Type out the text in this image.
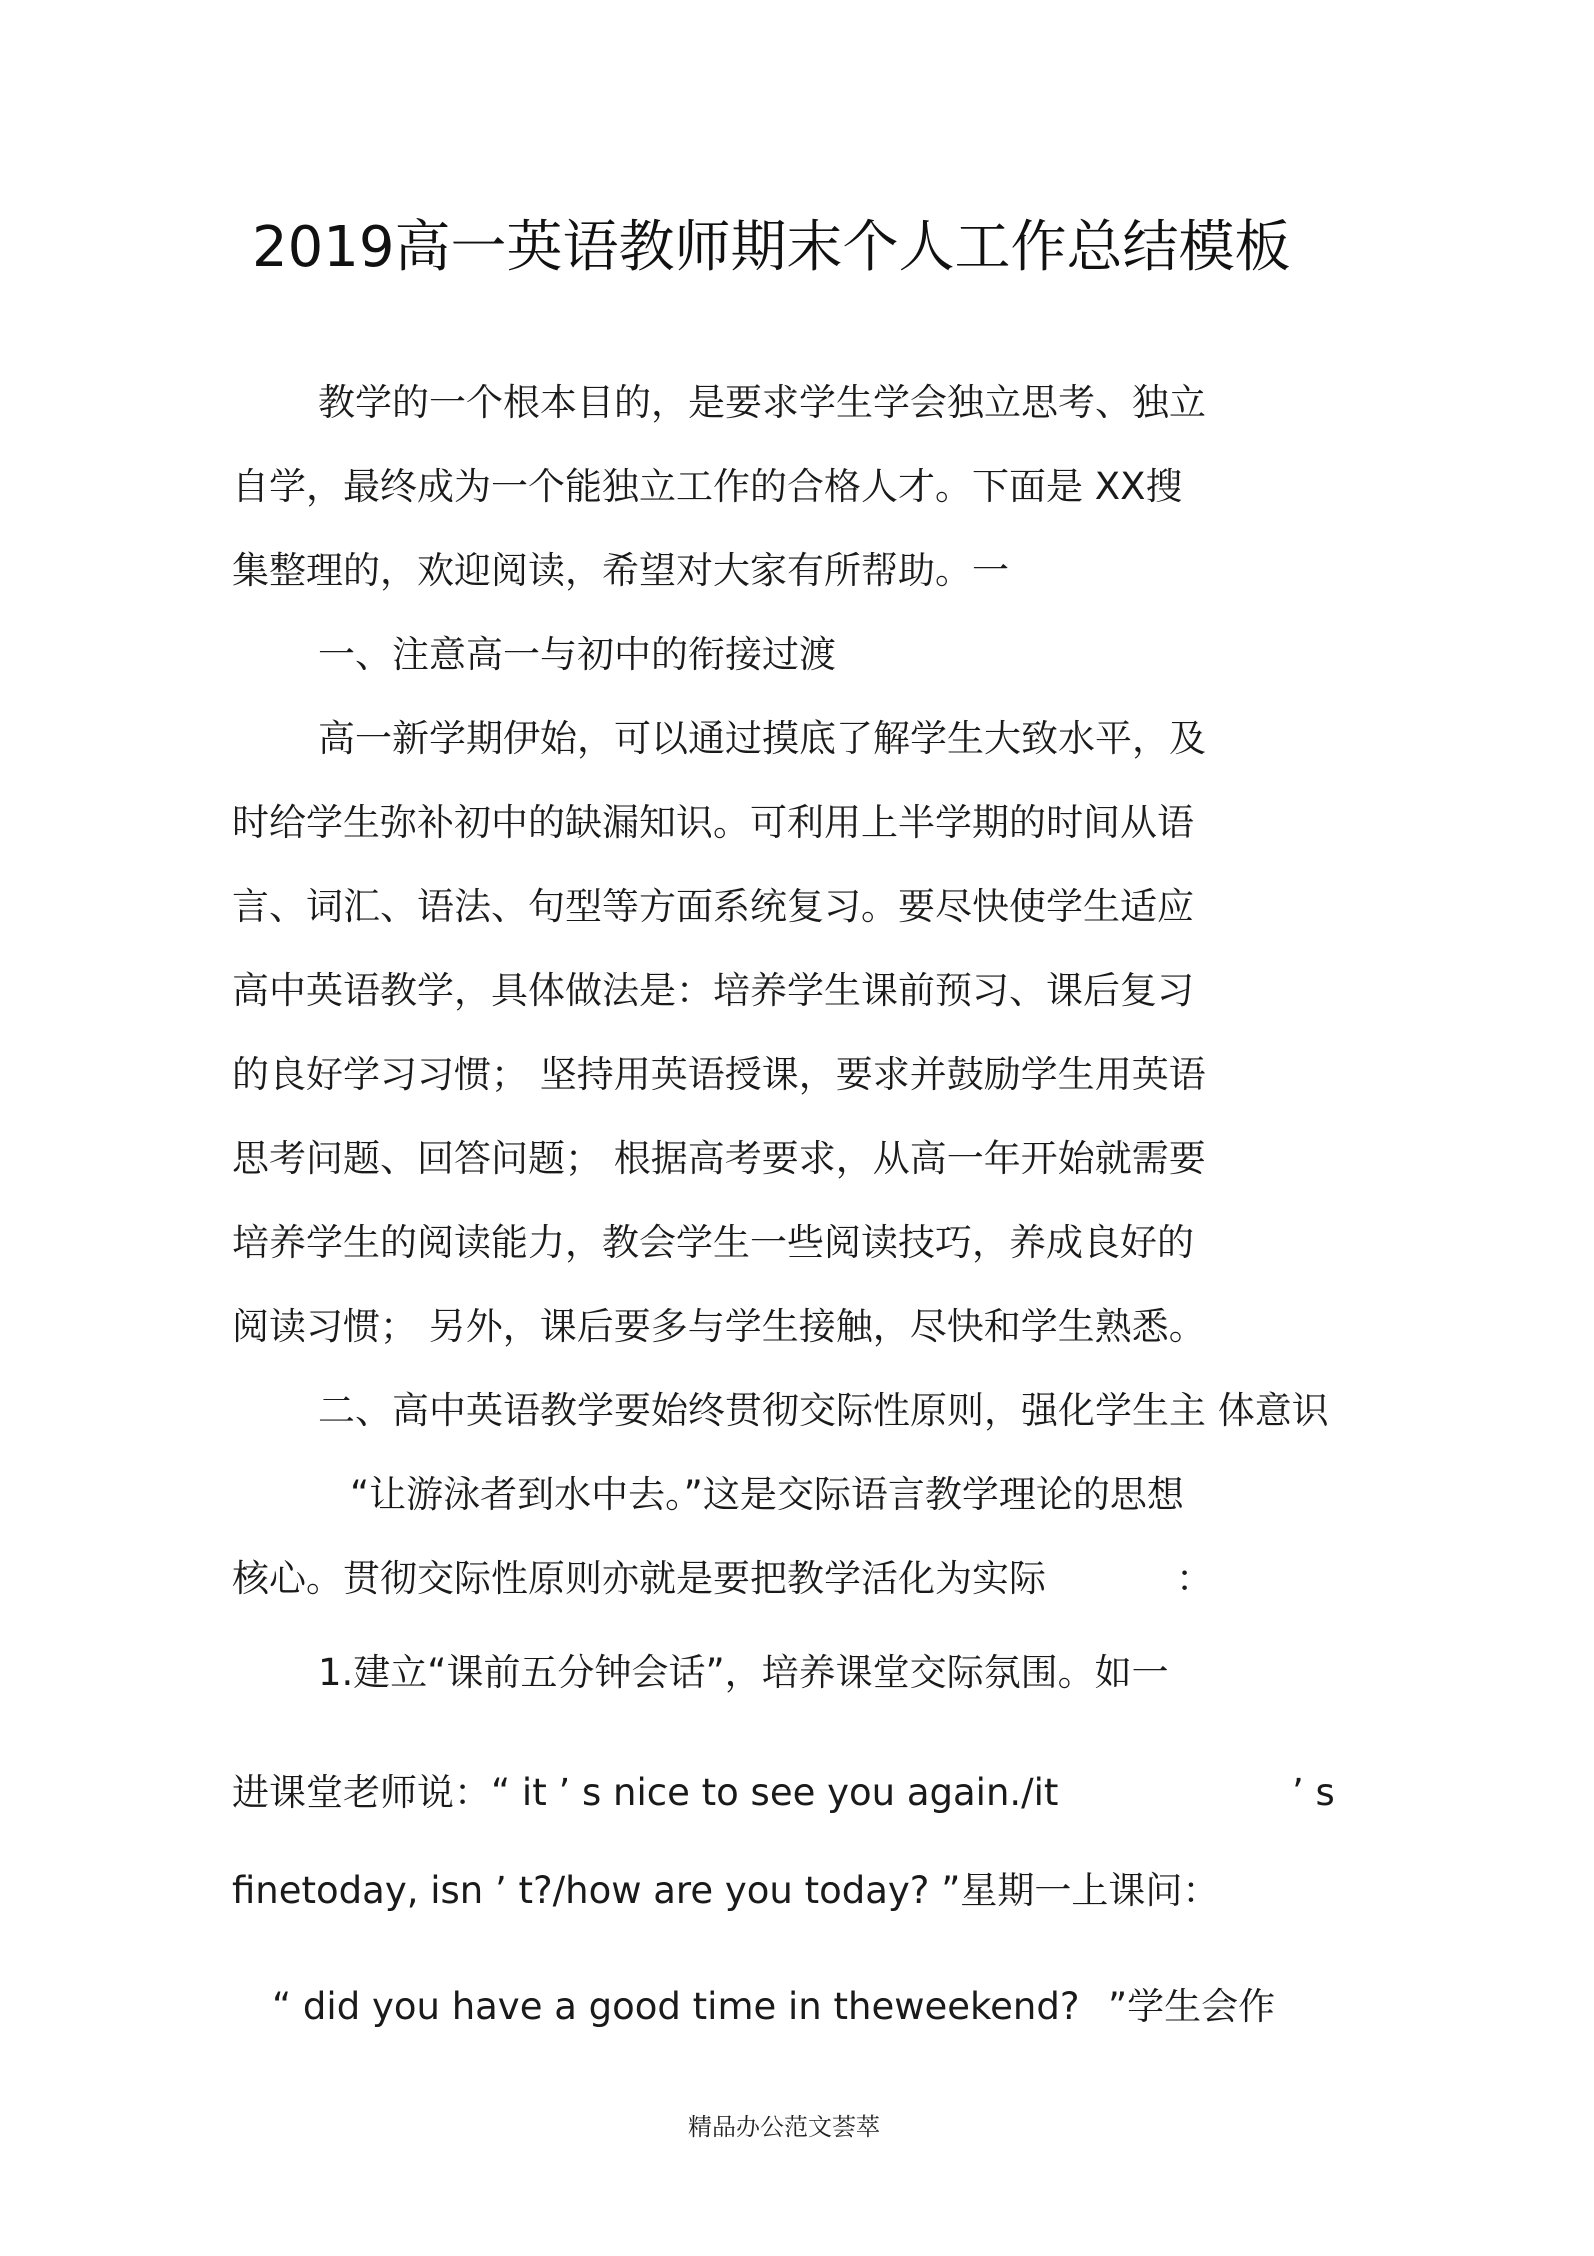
2019高一英语教师期末个人工作总结模板
教学的一个根本目的，是要求学生学会独立思考、独立
自学，最终成为一个能独立工作的合格人才。下面是 XX搜
集整理的，欢迎阅读，希望对大家有所帮助。一
一、注意高一与初中的衔接过渡
高一新学期伊始，可以通过摸底了解学生大致水平，及
时给学生弥补初中的缺漏知识。可利用上半学期的时间从语
言、词汇、语法、句型等方面系统复习。要尽快使学生适应
高中英语教学，具体做法是：培养学生课前预习、课后复习
的良好学习习惯； 坚持用英语授课，要求并鼓励学生用英语
思考问题、回答问题； 根据高考要求，从高一年开始就需要
培养学生的阅读能力，教会学生一些阅读技巧，养成良好的
阅读习惯； 另外，课后要多与学生接触，尽快和学生熟悉。
二、高中英语教学要始终贯彻交际性原则，强化学生主 体意识
“让游泳者到水中去。”这是交际语言教学理论的思想
核心。贯彻交际性原则亦就是要把教学活化为实际	：
1.建立“课前五分钟会话”，培养课堂交际氛围。如一
进课堂老师说：“ it ’ s nice to see you again./it	’ s
finetoday, isn ’ t?/how are you today? ”星期一上课问：
“ did you have a good time in theweekend? ”学生会作
精品办公范文荟萃
